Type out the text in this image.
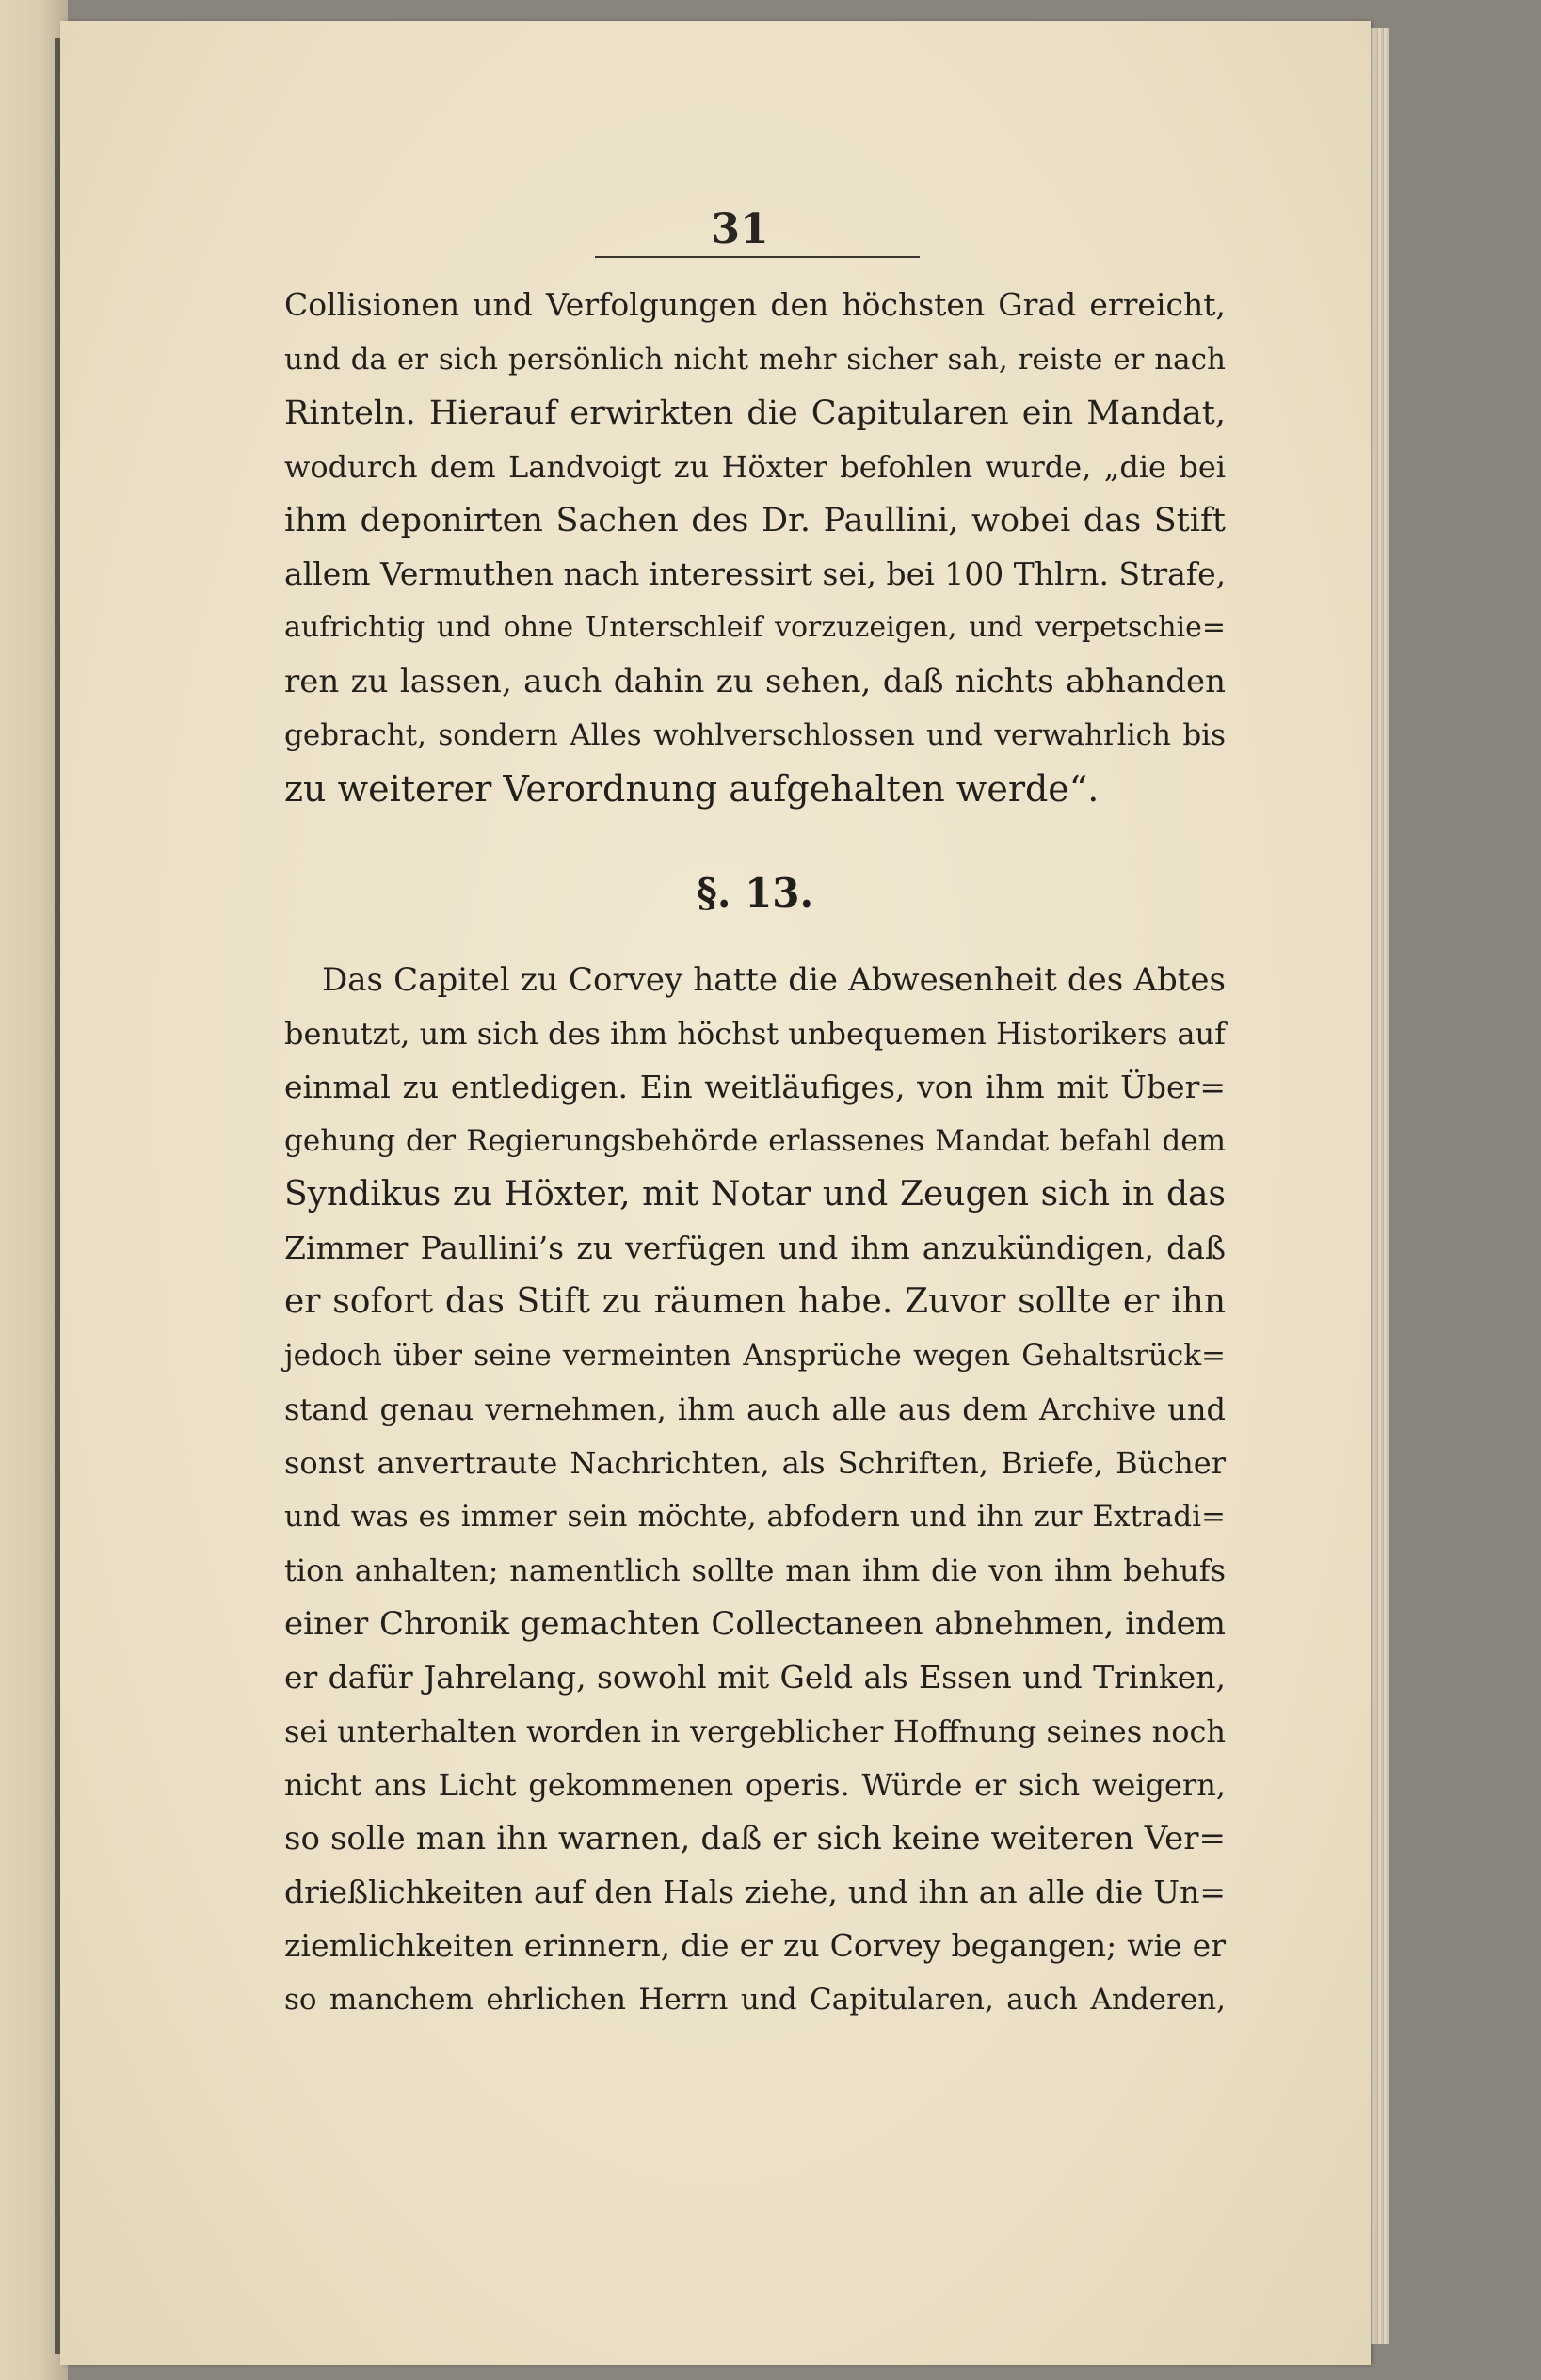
31
Collisionen und Verfolgungen den höchsten Grad erreicht,
und da er sich persönlich nicht mehr sicher sah, reiste er nach
Rinteln. Hierauf erwirkten die Capitularen ein Mandat,
wodurch dem Landvoigt zu Höxter befohlen wurde, „die bei
ihm deponirten Sachen des Dr. Paullini, wobei das Stift
allem Vermuthen nach interessirt sei, bei 100 Thlrn. Strafe,
aufrichtig und ohne Unterschleif vorzuzeigen, und verpetschie=
ren zu lassen, auch dahin zu sehen, daß nichts abhanden
gebracht, sondern Alles wohlverschlossen und verwahrlich bis
zu weiterer Verordnung aufgehalten werde“.
§. 13.
Das Capitel zu Corvey hatte die Abwesenheit des Abtes
benutzt, um sich des ihm höchst unbequemen Historikers auf
einmal zu entledigen. Ein weitläufiges, von ihm mit Über=
gehung der Regierungsbehörde erlassenes Mandat befahl dem
Syndikus zu Höxter, mit Notar und Zeugen sich in das
Zimmer Paullini’s zu verfügen und ihm anzukündigen, daß
er sofort das Stift zu räumen habe. Zuvor sollte er ihn
jedoch über seine vermeinten Ansprüche wegen Gehaltsrück=
stand genau vernehmen, ihm auch alle aus dem Archive und
sonst anvertraute Nachrichten, als Schriften, Briefe, Bücher
und was es immer sein möchte, abfodern und ihn zur Extradi=
tion anhalten; namentlich sollte man ihm die von ihm behufs
einer Chronik gemachten Collectaneen abnehmen, indem
er dafür Jahrelang, sowohl mit Geld als Essen und Trinken,
sei unterhalten worden in vergeblicher Hoffnung seines noch
nicht ans Licht gekommenen operis. Würde er sich weigern,
so solle man ihn warnen, daß er sich keine weiteren Ver=
drießlichkeiten auf den Hals ziehe, und ihn an alle die Un=
ziemlichkeiten erinnern, die er zu Corvey begangen; wie er
so manchem ehrlichen Herrn und Capitularen, auch Anderen,
